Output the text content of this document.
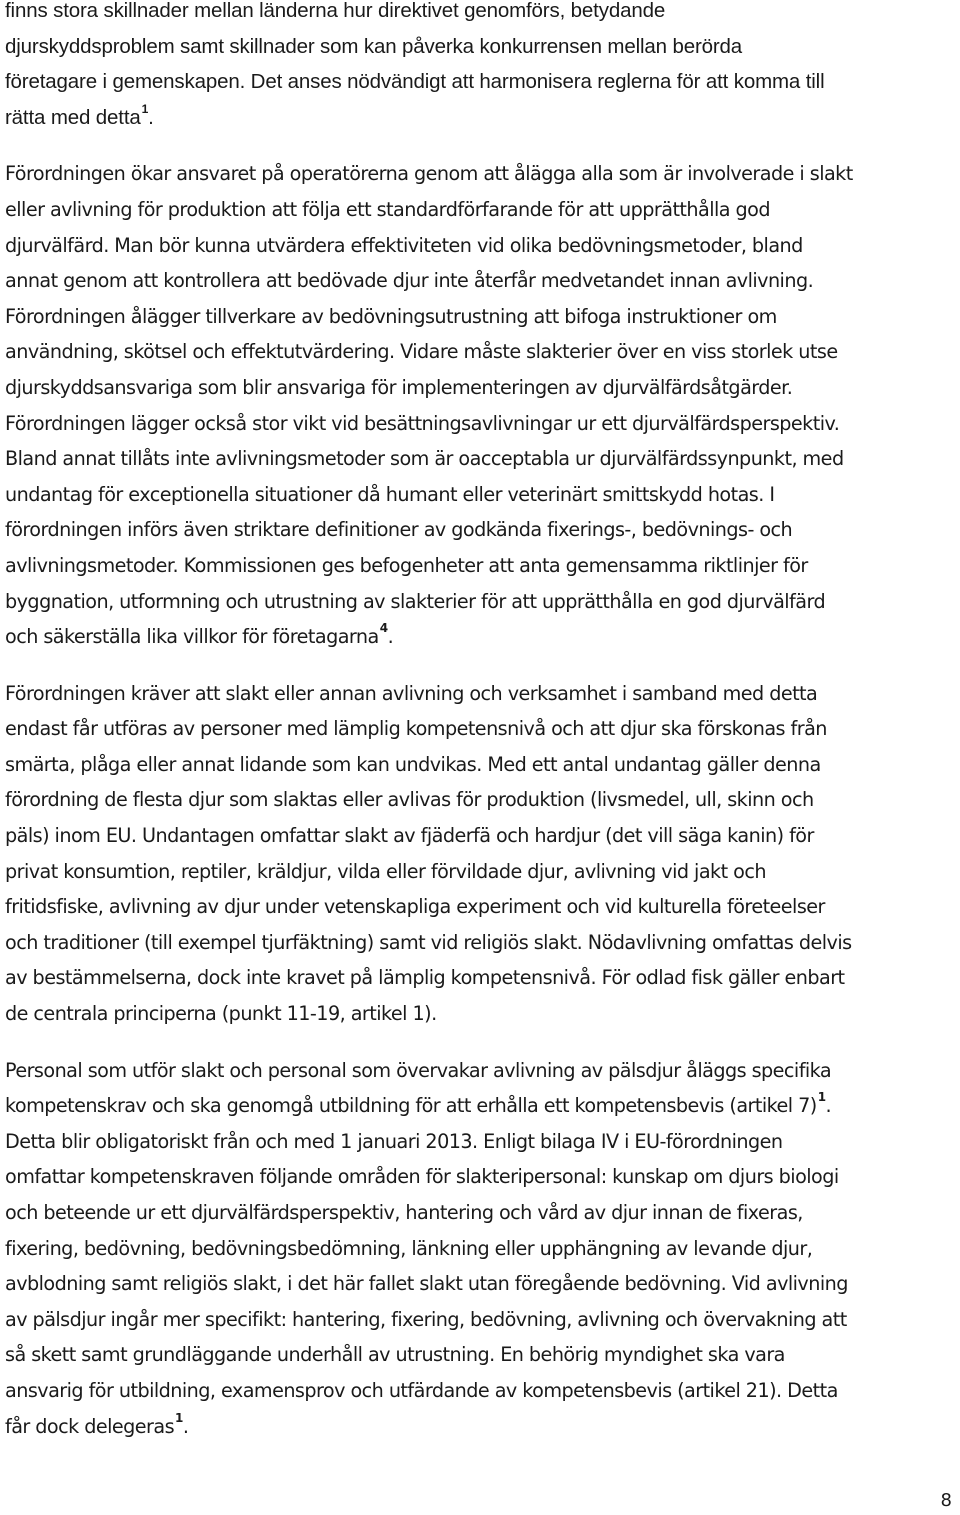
finns stora skillnader mellan länderna hur direktivet genomförs, betydande
djurskyddsproblem samt skillnader som kan påverka konkurrensen mellan berörda
företagare i gemenskapen. Det anses nödvändigt att harmonisera reglerna för att komma till
rätta med detta$^1$.

Förordningen ökar ansvaret på operatörerna genom att ålägga alla som är involverade i slakt
eller avlivning för produktion att följa ett standardförfarande för att upprätthålla god
djurvälfärd. Man bör kunna utvärdera effektiviteten vid olika bedövningsmetoder, bland
annat genom att kontrollera att bedövade djur inte återfår medvetandet innan avlivning.
Förordningen ålägger tillverkare av bedövningsutrustning att bifoga instruktioner om
användning, skötsel och effektutvärdering. Vidare måste slakterier över en viss storlek utse
djurskyddsansvariga som blir ansvariga för implementeringen av djurvälfärdsåtgärder.
Förordningen lägger också stor vikt vid besättningsavlivningar ur ett djurvälfärdsperspektiv.
Bland annat tillåts inte avlivningsmetoder som är oacceptabla ur djurvälfärdssynpunkt, med
undantag för exceptionella situationer då humant eller veterinärt smittskydd hotas. I
förordningen införs även striktare definitioner av godkända fixerings-, bedövnings- och
avlivningsmetoder. Kommissionen ges befogenheter att anta gemensamma riktlinjer för
byggnation, utformning och utrustning av slakterier för att upprätthålla en god djurvälfärd
och säkerställa lika villkor för företagarna$^4$.

Förordningen kräver att slakt eller annan avlivning och verksamhet i samband med detta
endast får utföras av personer med lämplig kompetensnivå och att djur ska förskonas från
smärta, plåga eller annat lidande som kan undvikas. Med ett antal undantag gäller denna
förordning de flesta djur som slaktas eller avlivas för produktion (livsmedel, ull, skinn och
päls) inom EU. Undantagen omfattar slakt av fjäderfä och hardjur (det vill säga kanin) för
privat konsumtion, reptiler, kräldjur, vilda eller förvildade djur, avlivning vid jakt och
fritidsfiske, avlivning av djur under vetenskapliga experiment och vid kulturella företeelser
och traditioner (till exempel tjurfäktning) samt vid religiös slakt. Nödavlivning omfattas delvis
av bestämmelserna, dock inte kravet på lämplig kompetensnivå. För odlad fisk gäller enbart
de centrala principerna (punkt 11-19, artikel 1).

Personal som utför slakt och personal som övervakar avlivning av pälsdjur åläggs specifika
kompetenskrav och ska genomgå utbildning för att erhålla ett kompetensbevis (artikel 7)$^1$.
Detta blir obligatoriskt från och med 1 januari 2013. Enligt bilaga IV i EU-förordningen
omfattar kompetenskraven följande områden för slakteripersonal: kunskap om djurs biologi
och beteende ur ett djurvälfärdsperspektiv, hantering och vård av djur innan de fixeras,
fixering, bedövning, bedövningsbedömning, länkning eller upphängning av levande djur,
avblodning samt religiös slakt, i det här fallet slakt utan föregående bedövning. Vid avlivning
av pälsdjur ingår mer specifikt: hantering, fixering, bedövning, avlivning och övervakning att
så skett samt grundläggande underhåll av utrustning. En behörig myndighet ska vara
ansvarig för utbildning, examensprov och utfärdande av kompetensbevis (artikel 21). Detta
får dock delegeras$^1$.

8
